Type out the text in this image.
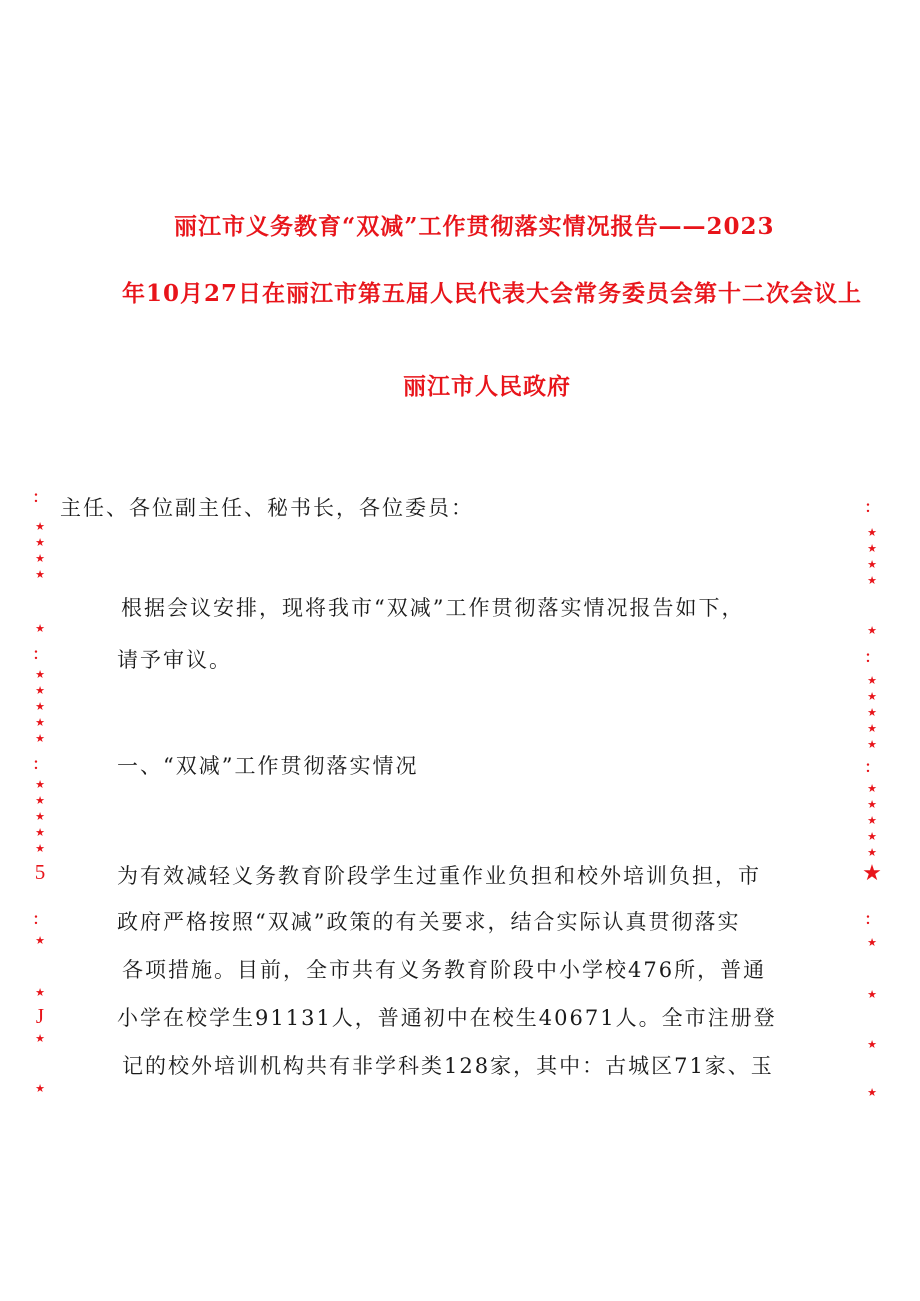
丽江市义务教育“双减”工作贯彻落实情况报告——2023
年10月27日在丽江市第五届人民代表大会常务委员会第十二次会议上
丽江市人民政府
主任、各位副主任、秘书长，各位委员：
根据会议安排，现将我市“双减”工作贯彻落实情况报告如下，
请予审议。
一、“双减”工作贯彻落实情况
为有效减轻义务教育阶段学生过重作业负担和校外培训负担，市
政府严格按照“双减”政策的有关要求，结合实际认真贯彻落实
各项措施。目前，全市共有义务教育阶段中小学校476所，普通
小学在校学生91131人，普通初中在校生40671人。全市注册登
记的校外培训机构共有非学科类128家，其中：古城区71家、玉
：
★
★
★
★
★
：
★
★
★
★
★
：
★
★
★
★
★
5
：
★
★
J
★
★
：
★
★
★
★
★
：
★
★
★
★
★
：
★
★
★
★
★
★
：
★
★
★
★
